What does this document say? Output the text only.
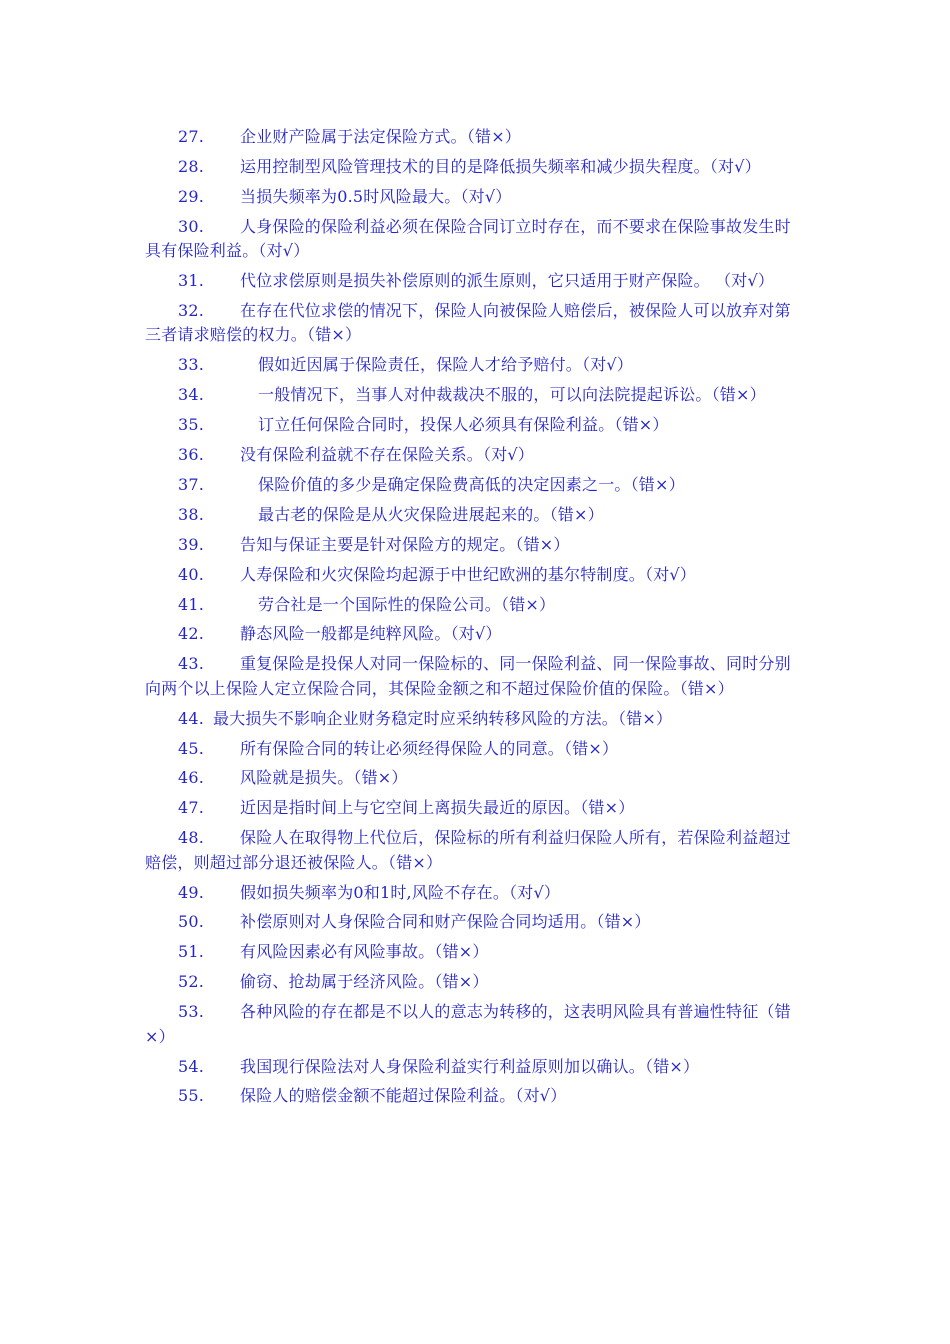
27. 企业财产险属于法定保险方式。（错×）

28. 运用控制型风险管理技术的目的是降低损失频率和减少损失程度。（对√）

29. 当损失频率为0.5时风险最大。（对√）

30. 人身保险的保险利益必须在保险合同订立时存在，而不要求在保险事故发生时具有保险利益。（对√）

31. 代位求偿原则是损失补偿原则的派生原则，它只适用于财产保险。 （对√）

32. 在存在代位求偿的情况下，保险人向被保险人赔偿后，被保险人可以放弃对第三者请求赔偿的权力。（错×）

33.	假如近因属于保险责任，保险人才给予赔付。（对√）

34.	一般情况下，当事人对仲裁裁决不服的，可以向法院提起诉讼。（错×）

35.	订立任何保险合同时，投保人必须具有保险利益。（错×）

36. 没有保险利益就不存在保险关系。（对√）

37.	保险价值的多少是确定保险费高低的决定因素之一。（错×）

38.	最古老的保险是从火灾保险进展起来的。（错×）

39. 告知与保证主要是针对保险方的规定。（错×）

40. 人寿保险和火灾保险均起源于中世纪欧洲的基尔特制度。（对√）

41.	劳合社是一个国际性的保险公司。（错×）

42. 静态风险一般都是纯粹风险。（对√）

43. 重复保险是投保人对同一保险标的、同一保险利益、同一保险事故、同时分别向两个以上保险人定立保险合同，其保险金额之和不超过保险价值的保险。（错×）

44. 最大损失不影响企业财务稳定时应采纳转移风险的方法。（错×）

45. 所有保险合同的转让必须经得保险人的同意。（错×）

46. 风险就是损失。（错×）

47. 近因是指时间上与它空间上离损失最近的原因。（错×）

48. 保险人在取得物上代位后，保险标的所有利益归保险人所有，若保险利益超过赔偿，则超过部分退还被保险人。（错×）

49. 假如损失频率为0和1时,风险不存在。（对√）

50. 补偿原则对人身保险合同和财产保险合同均适用。（错×）

51. 有风险因素必有风险事故。（错×）

52. 偷窃、抢劫属于经济风险。（错×）

53. 各种风险的存在都是不以人的意志为转移的，这表明风险具有普遍性特征（错×）

54. 我国现行保险法对人身保险利益实行利益原则加以确认。（错×）

55. 保险人的赔偿金额不能超过保险利益。（对√）
